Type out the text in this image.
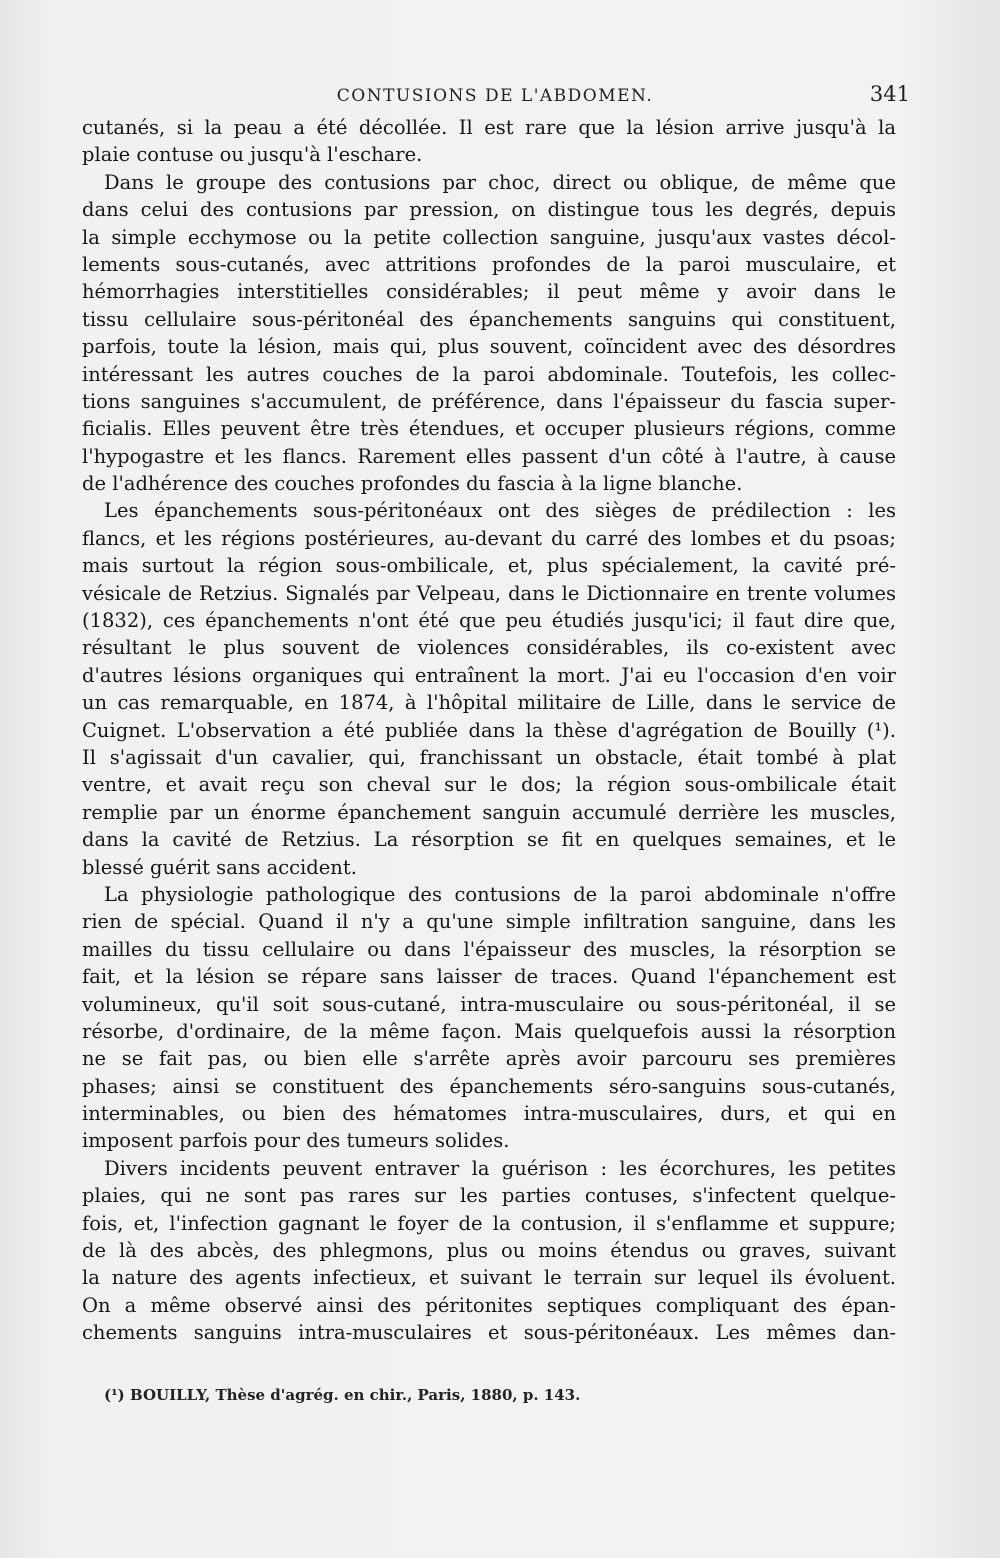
CONTUSIONS DE L'ABDOMEN.	341
cutanés, si la peau a été décollée. Il est rare que la lésion arrive jusqu'à la
plaie contuse ou jusqu'à l'eschare.
Dans le groupe des contusions par choc, direct ou oblique, de même que
dans celui des contusions par pression, on distingue tous les degrés, depuis
la simple ecchymose ou la petite collection sanguine, jusqu'aux vastes décol-
lements sous-cutanés, avec attritions profondes de la paroi musculaire, et
hémorrhagies interstitielles considérables; il peut même y avoir dans le
tissu cellulaire sous-péritonéal des épanchements sanguins qui constituent,
parfois, toute la lésion, mais qui, plus souvent, coïncident avec des désordres
intéressant les autres couches de la paroi abdominale. Toutefois, les collec-
tions sanguines s'accumulent, de préférence, dans l'épaisseur du fascia super-
ficialis. Elles peuvent être très étendues, et occuper plusieurs régions, comme
l'hypogastre et les flancs. Rarement elles passent d'un côté à l'autre, à cause
de l'adhérence des couches profondes du fascia à la ligne blanche.
Les épanchements sous-péritonéaux ont des sièges de prédilection : les
flancs, et les régions postérieures, au-devant du carré des lombes et du psoas;
mais surtout la région sous-ombilicale, et, plus spécialement, la cavité pré-
vésicale de Retzius. Signalés par Velpeau, dans le Dictionnaire en trente volumes
(1832), ces épanchements n'ont été que peu étudiés jusqu'ici; il faut dire que,
résultant le plus souvent de violences considérables, ils co-existent avec
d'autres lésions organiques qui entraînent la mort. J'ai eu l'occasion d'en voir
un cas remarquable, en 1874, à l'hôpital militaire de Lille, dans le service de
Cuignet. L'observation a été publiée dans la thèse d'agrégation de Bouilly (¹).
Il s'agissait d'un cavalier, qui, franchissant un obstacle, était tombé à plat
ventre, et avait reçu son cheval sur le dos; la région sous-ombilicale était
remplie par un énorme épanchement sanguin accumulé derrière les muscles,
dans la cavité de Retzius. La résorption se fit en quelques semaines, et le
blessé guérit sans accident.
La physiologie pathologique des contusions de la paroi abdominale n'offre
rien de spécial. Quand il n'y a qu'une simple infiltration sanguine, dans les
mailles du tissu cellulaire ou dans l'épaisseur des muscles, la résorption se
fait, et la lésion se répare sans laisser de traces. Quand l'épanchement est
volumineux, qu'il soit sous-cutané, intra-musculaire ou sous-péritonéal, il se
résorbe, d'ordinaire, de la même façon. Mais quelquefois aussi la résorption
ne se fait pas, ou bien elle s'arrête après avoir parcouru ses premières
phases; ainsi se constituent des épanchements séro-sanguins sous-cutanés,
interminables, ou bien des hématomes intra-musculaires, durs, et qui en
imposent parfois pour des tumeurs solides.
Divers incidents peuvent entraver la guérison : les écorchures, les petites
plaies, qui ne sont pas rares sur les parties contuses, s'infectent quelque-
fois, et, l'infection gagnant le foyer de la contusion, il s'enflamme et suppure;
de là des abcès, des phlegmons, plus ou moins étendus ou graves, suivant
la nature des agents infectieux, et suivant le terrain sur lequel ils évoluent.
On a même observé ainsi des péritonites septiques compliquant des épan-
chements sanguins intra-musculaires et sous-péritonéaux. Les mêmes dan-
(¹) BOUILLY, Thèse d'agrég. en chir., Paris, 1880, p. 143.
